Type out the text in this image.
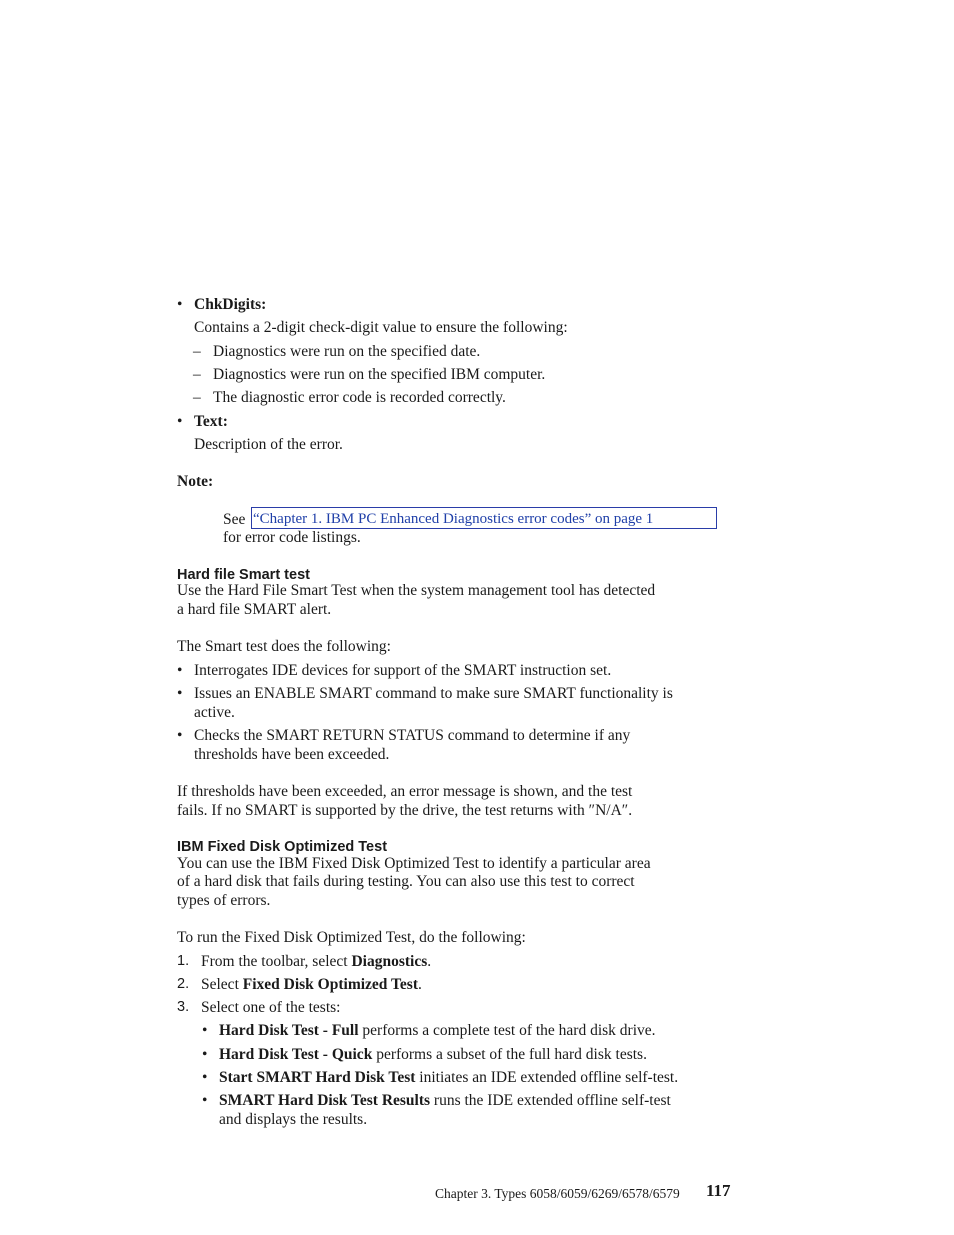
• ChkDigits:
Contains a 2-digit check-digit value to ensure the following:
– Diagnostics were run on the specified date.
– Diagnostics were run on the specified IBM computer.
– The diagnostic error code is recorded correctly.
• Text:
Description of the error.
Note:
See “Chapter 1. IBM PC Enhanced Diagnostics error codes” on page 1
for error code listings.
Hard file Smart test
Use the Hard File Smart Test when the system management tool has detected
a hard file SMART alert.
The Smart test does the following:
• Interrogates IDE devices for support of the SMART instruction set.
• Issues an ENABLE SMART command to make sure SMART functionality is
active.
• Checks the SMART RETURN STATUS command to determine if any
thresholds have been exceeded.
If thresholds have been exceeded, an error message is shown, and the test
fails. If no SMART is supported by the drive, the test returns with ″N/A″.
IBM Fixed Disk Optimized Test
You can use the IBM Fixed Disk Optimized Test to identify a particular area
of a hard disk that fails during testing. You can also use this test to correct
types of errors.
To run the Fixed Disk Optimized Test, do the following:
1. From the toolbar, select Diagnostics.
2. Select Fixed Disk Optimized Test.
3. Select one of the tests:
• Hard Disk Test - Full performs a complete test of the hard disk drive.
• Hard Disk Test - Quick performs a subset of the full hard disk tests.
• Start SMART Hard Disk Test initiates an IDE extended offline self-test.
• SMART Hard Disk Test Results runs the IDE extended offline self-test
and displays the results.
Chapter 3. Types 6058/6059/6269/6578/6579 117
